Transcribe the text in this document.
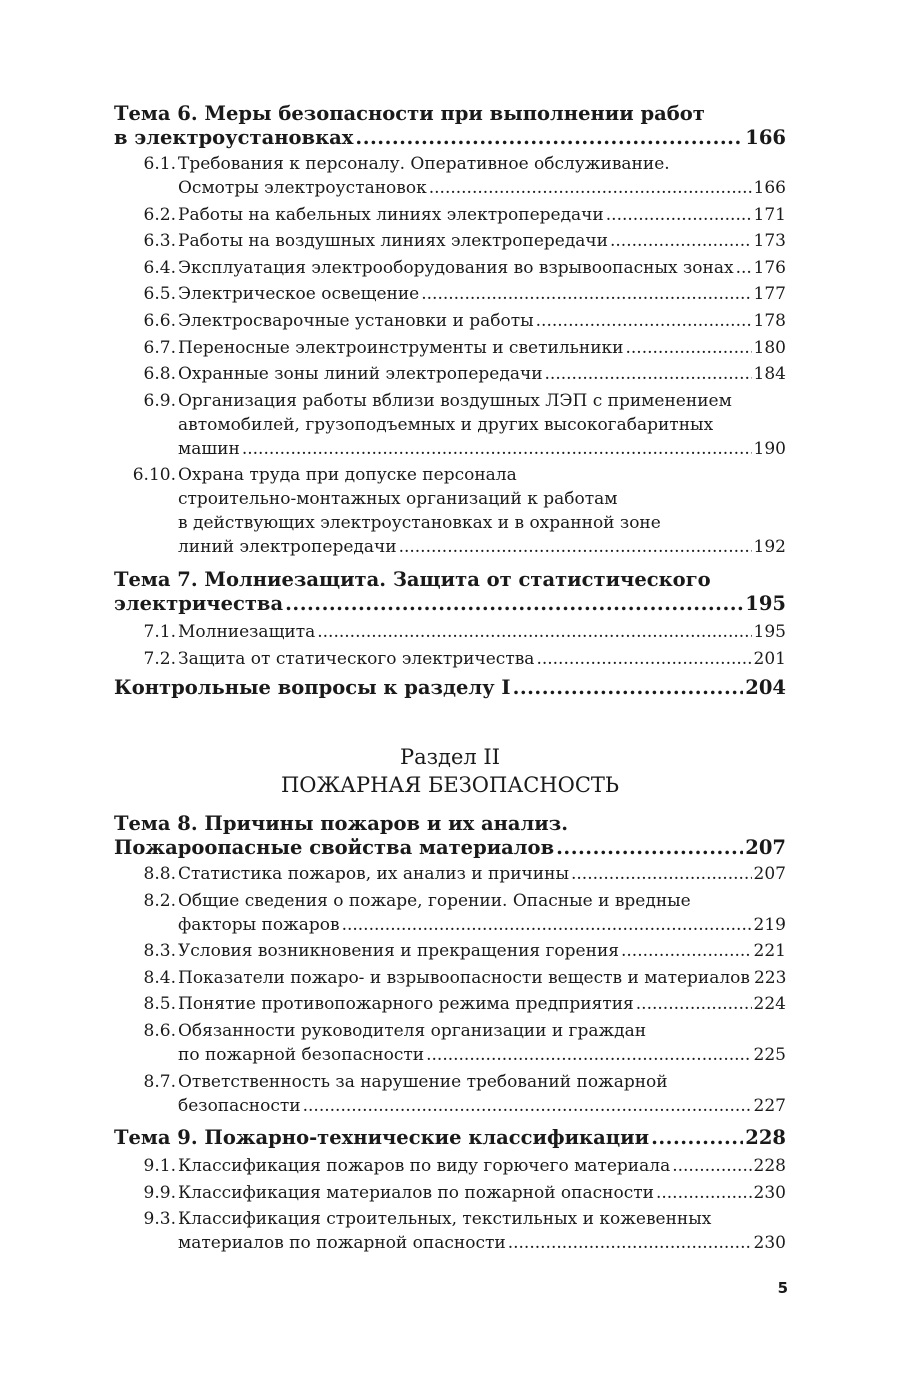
Тема 6. Меры безопасности при выполнении работ
в электроустановках .....	166
6.1. Требования к персоналу. Оперативное обслуживание.
Осмотры электроустановок .....	166
6.2. Работы на кабельных линиях электропередачи .....	171
6.3. Работы на воздушных линиях электропередачи .....	173
6.4. Эксплуатация электрооборудования во взрывоопасных зонах ..... 176
6.5. Электрическое освещение .....	177
6.6. Электросварочные установки и работы .....	178
6.7. Переносные электроинструменты и светильники .....	180
6.8. Охранные зоны линий электропередачи .....	184
6.9. Организация работы вблизи воздушных ЛЭП с применением
автомобилей, грузоподъемных и других высокогабаритных
машин .....	190
6.10. Охрана труда при допуске персонала
строительно-монтажных организаций к работам
в действующих электроустановках и в охранной зоне
линий электропередачи .....	192
Тема 7. Молниезащита. Защита от статистического
электричества .....	195
7.1. Молниезащита .....	195
7.2. Защита от статического электричества .....	201
Контрольные вопросы к разделу I .....	204
Раздел II
ПОЖАРНАЯ БЕЗОПАСНОСТЬ
Тема 8. Причины пожаров и их анализ.
Пожароопасные свойства материалов .....	207
8.8. Статистика пожаров, их анализ и причины .....	207
8.2. Общие сведения о пожаре, горении. Опасные и вредные
факторы пожаров .....	219
8.3. Условия возникновения и прекращения горения .....	221
8.4. Показатели пожаро- и взрывоопасности веществ и материалов 223
8.5. Понятие противопожарного режима предприятия .....	224
8.6. Обязанности руководителя организации и граждан
по пожарной безопасности .....	225
8.7. Ответственность за нарушение требований пожарной
безопасности .....	227
Тема 9. Пожарно-технические классификации .....	228
9.1. Классификация пожаров по виду горючего материала .....	228
9.9. Классификация материалов по пожарной опасности .....	230
9.3. Классификация строительных, текстильных и кожевенных
материалов по пожарной опасности .....	230
5
